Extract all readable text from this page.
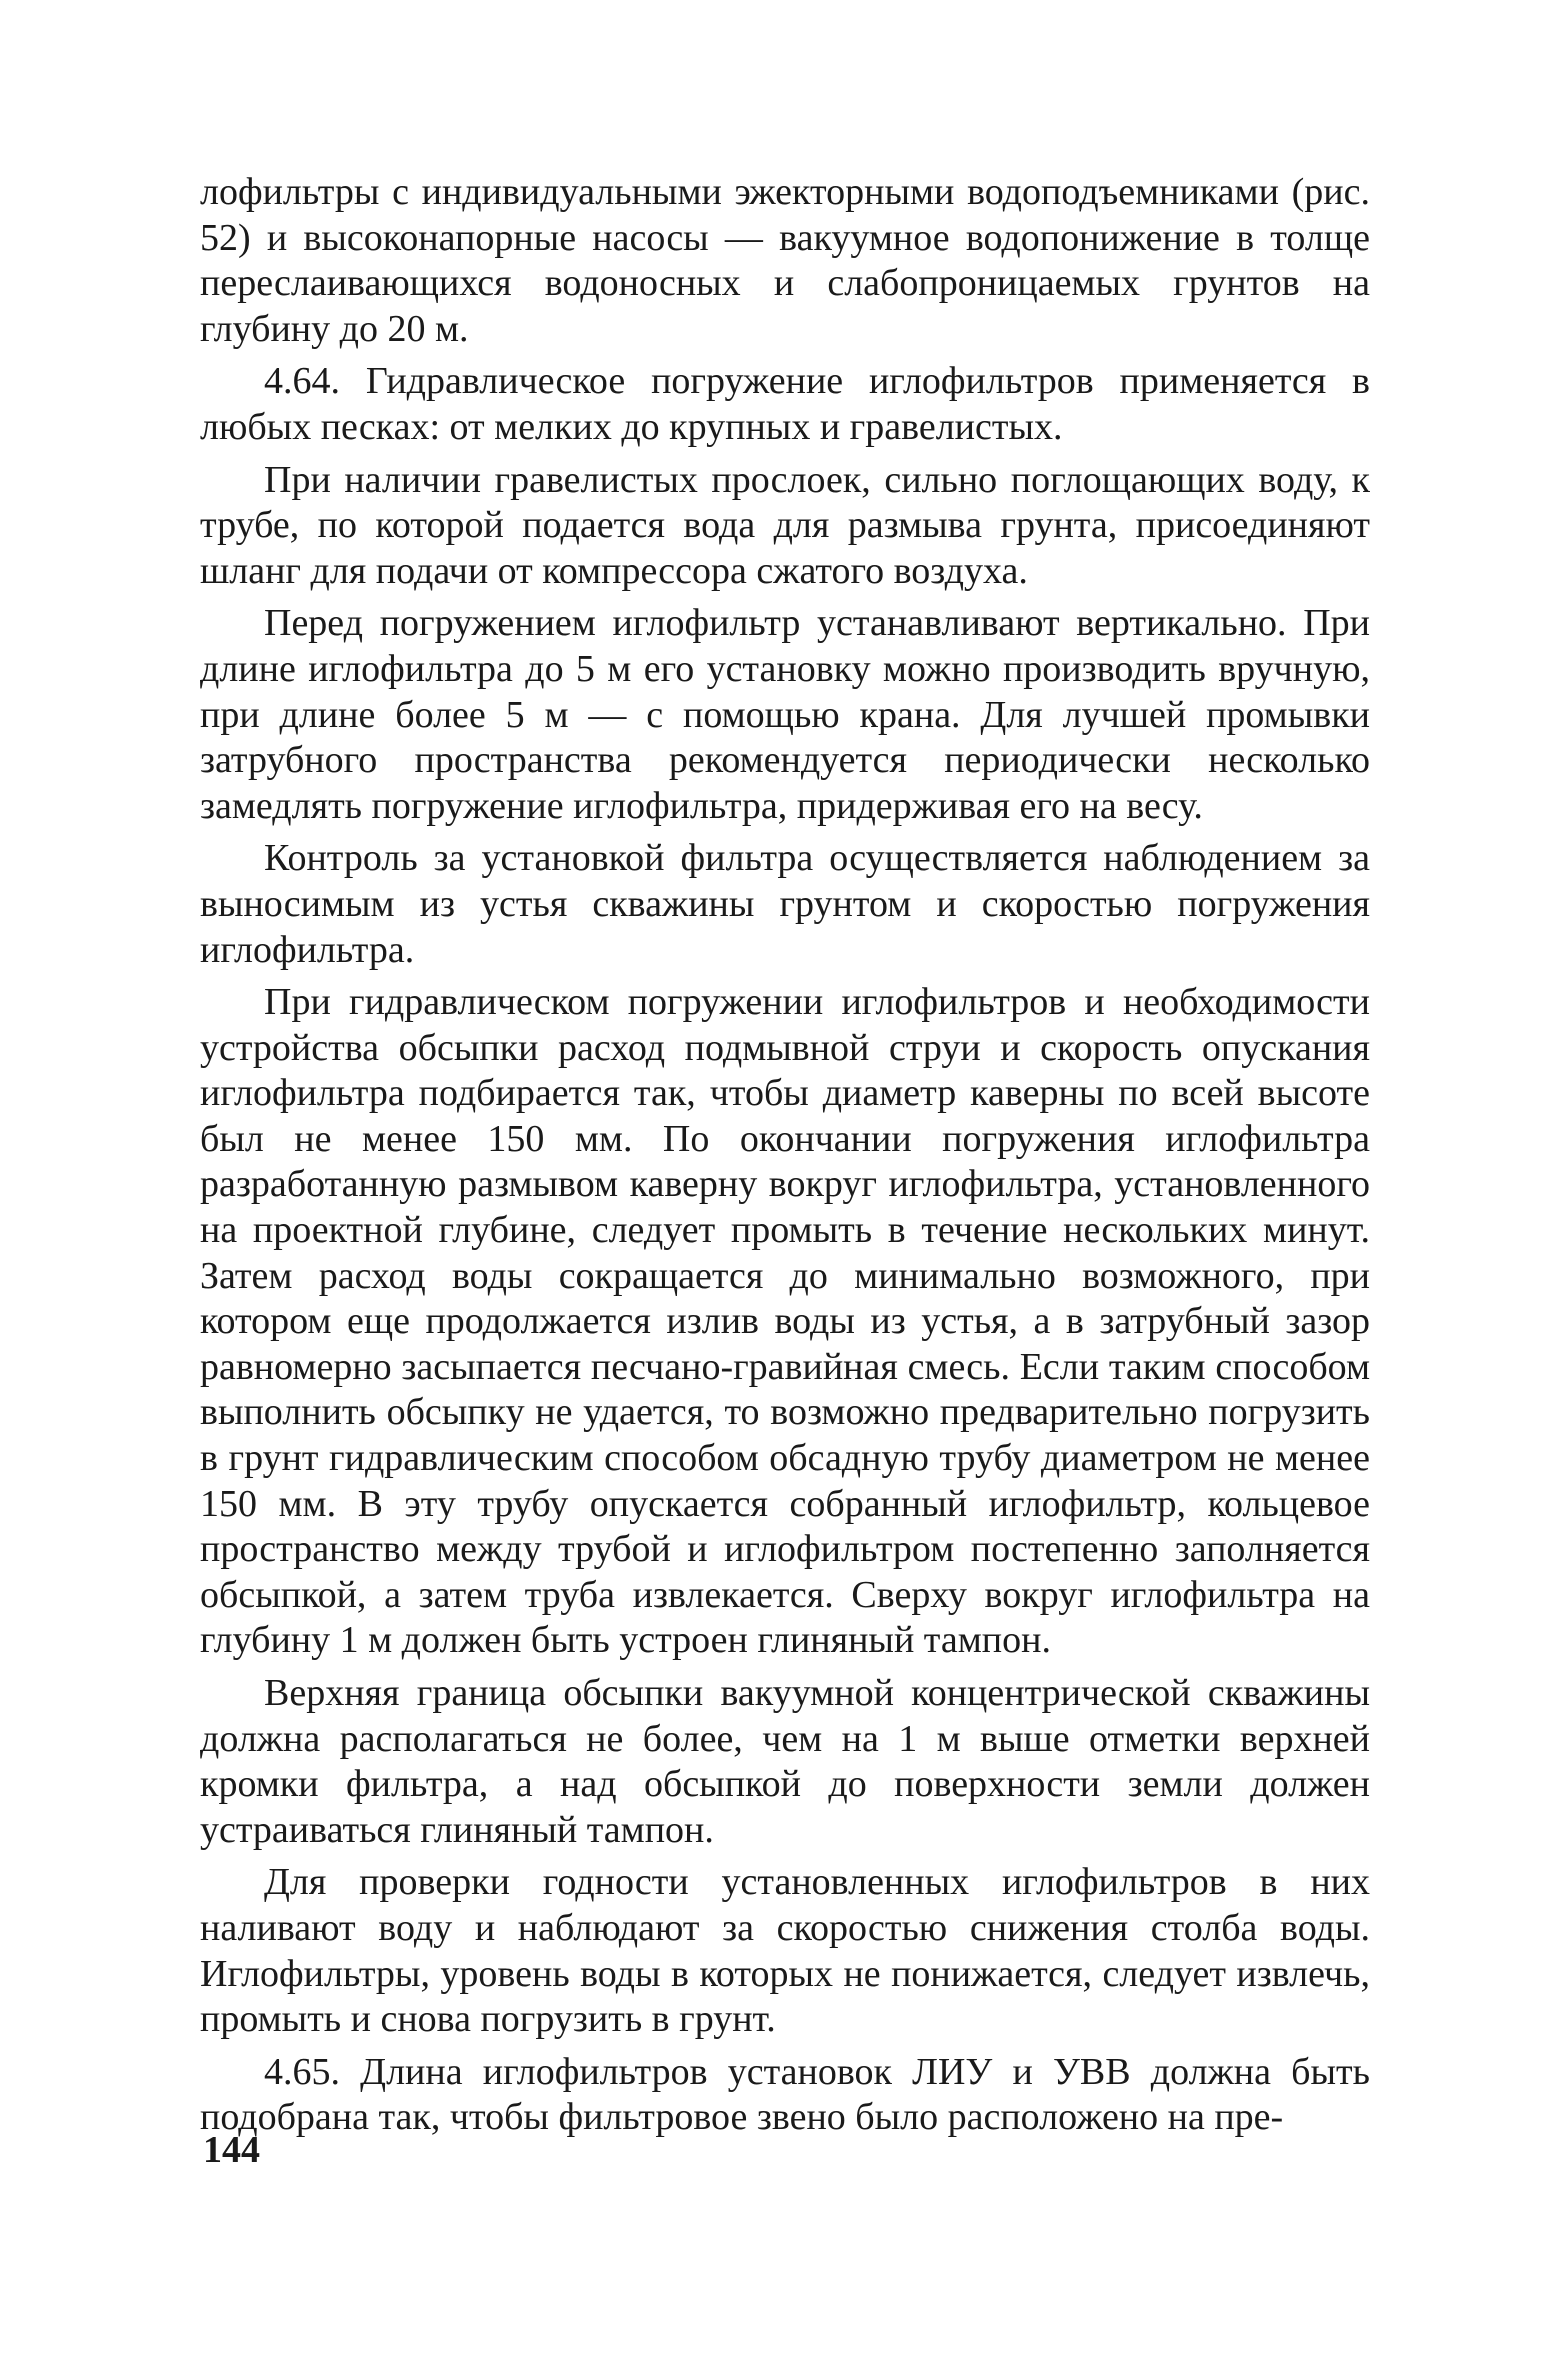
лофильтры с индивидуальными эжекторными водоподъемниками (рис. 52) и высоконапорные насосы — вакуумное водопонижение в толще переслаивающихся водоносных и слабопроницаемых грунтов на глубину до 20 м.

4.64. Гидравлическое погружение иглофильтров применяется в любых песках: от мелких до крупных и гравелистых.

При наличии гравелистых прослоек, сильно поглощающих воду, к трубе, по которой подается вода для размыва грунта, присоединяют шланг для подачи от компрессора сжатого воздуха.

Перед погружением иглофильтр устанавливают вертикально. При длине иглофильтра до 5 м его установку можно производить вручную, при длине более 5 м — с помощью крана. Для лучшей промывки затрубного пространства рекомендуется периодически несколько замедлять погружение иглофильтра, придерживая его на весу.

Контроль за установкой фильтра осуществляется наблюдением за выносимым из устья скважины грунтом и скоростью погружения иглофильтра.

При гидравлическом погружении иглофильтров и необходимости устройства обсыпки расход подмывной струи и скорость опускания иглофильтра подбирается так, чтобы диаметр каверны по всей высоте был не менее 150 мм. По окончании погружения иглофильтра разработанную размывом каверну вокруг иглофильтра, установленного на проектной глубине, следует промыть в течение нескольких минут. Затем расход воды сокращается до минимально возможного, при котором еще продолжается излив воды из устья, а в затрубный зазор равномерно засыпается песчано-гравийная смесь. Если таким способом выполнить обсыпку не удается, то возможно предварительно погрузить в грунт гидравлическим способом обсадную трубу диаметром не менее 150 мм. В эту трубу опускается собранный иглофильтр, кольцевое пространство между трубой и иглофильтром постепенно заполняется обсыпкой, а затем труба извлекается. Сверху вокруг иглофильтра на глубину 1 м должен быть устроен глиняный тампон.

Верхняя граница обсыпки вакуумной концентрической скважины должна располагаться не более, чем на 1 м выше отметки верхней кромки фильтра, а над обсыпкой до поверхности земли должен устраиваться глиняный тампон.

Для проверки годности установленных иглофильтров в них наливают воду и наблюдают за скоростью снижения столба воды. Иглофильтры, уровень воды в которых не понижается, следует извлечь, промыть и снова погрузить в грунт.

4.65. Длина иглофильтров установок ЛИУ и УВВ должна быть подобрана так, чтобы фильтровое звено было расположено на пре-

144
